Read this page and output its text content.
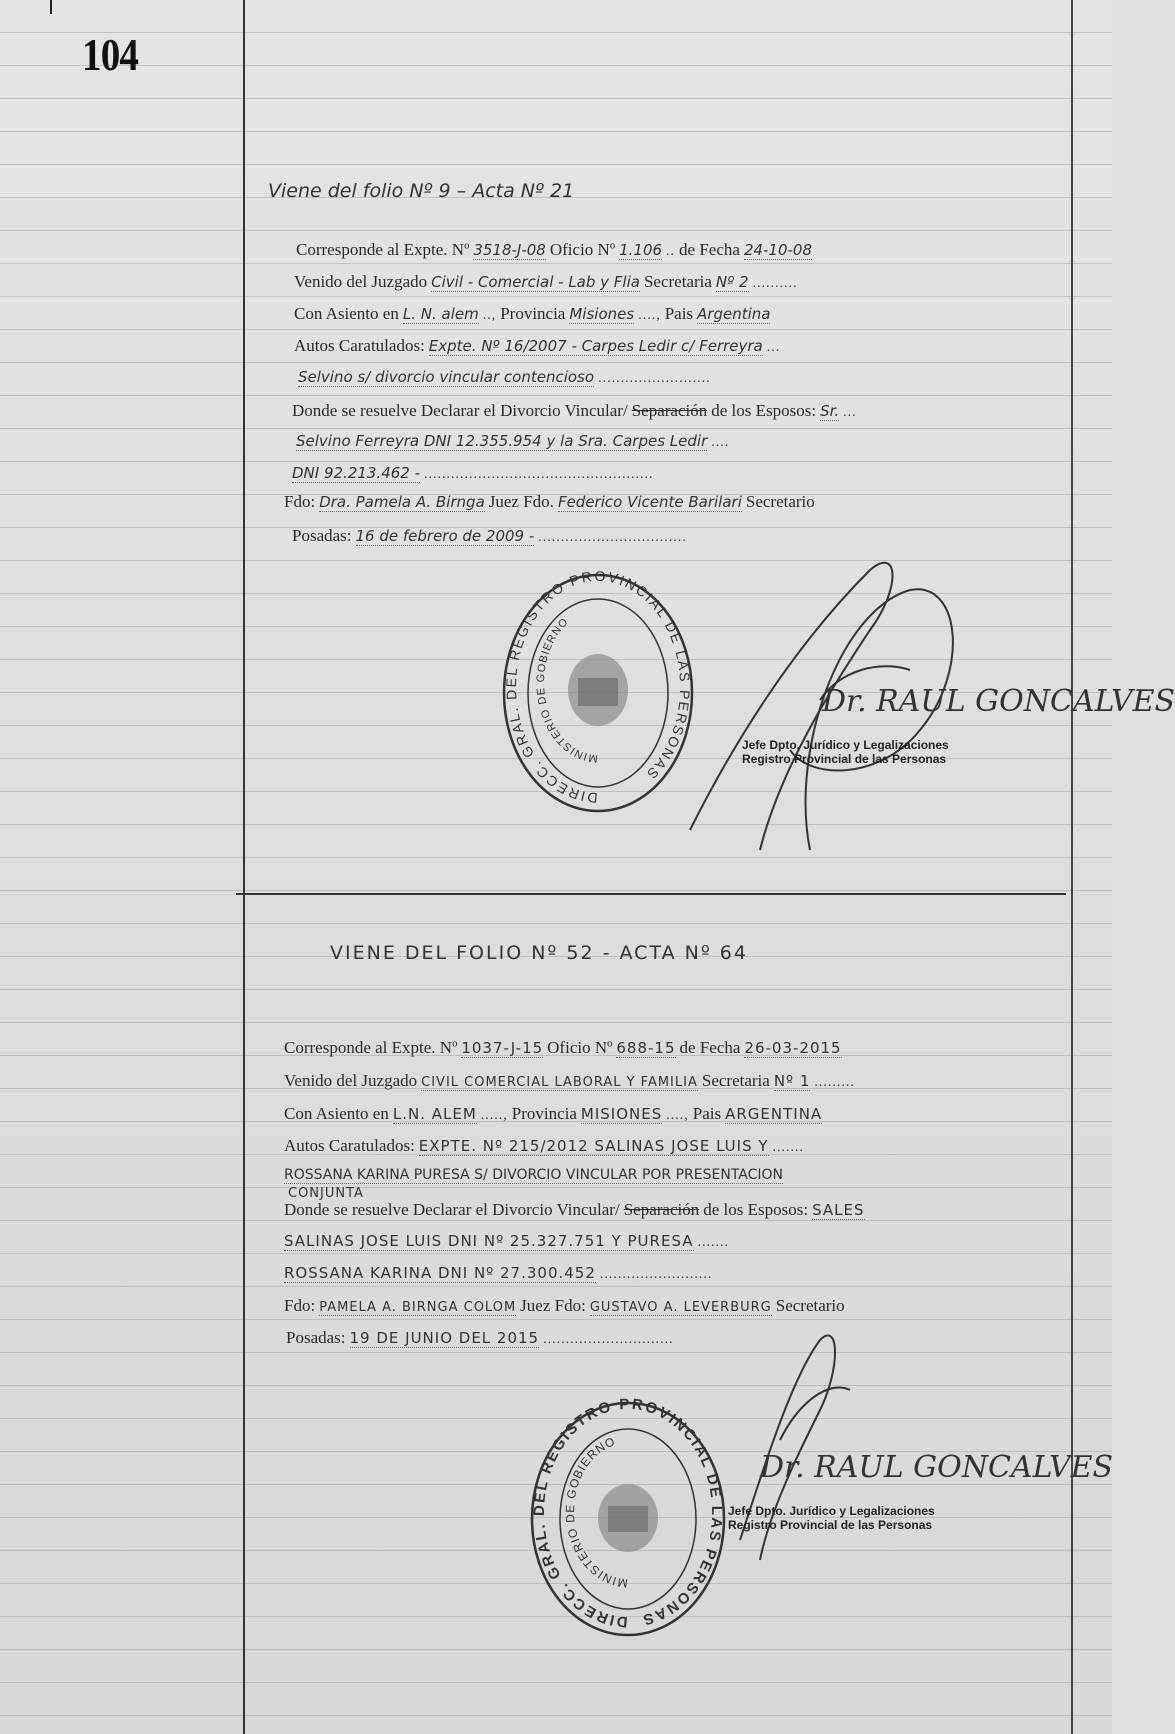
104
Viene del folio Nº 9 – Acta Nº 21
Corresponde al Expte. Nº 3518-J-08 Oficio Nº 1.106 .. de Fecha 24-10-08
Venido del Juzgado Civil - Comercial - Lab y Flia Secretaria Nº 2 ..........
Con Asiento en L. N. alem .., Provincia Misiones ...., Pais Argentina
Autos Caratulados: Expte. Nº 16/2007 - Carpes Ledir c/ Ferreyra ...
Selvino s/ divorcio vincular contencioso .........................
Donde se resuelve Declarar el Divorcio Vincular/ Separación de los Esposos: Sr. ...
Selvino Ferreyra DNI 12.355.954 y la Sra. Carpes Ledir ....
DNI 92.213.462 - ...................................................
Fdo: Dra. Pamela A. Birnga Juez Fdo. Federico Vicente Barilari Secretario
Posadas: 16 de febrero de 2009 - .................................
DIRECC. GRAL. DEL REGISTRO PROVINCIAL DE LAS PERSONAS
MINISTERIO DE GOBIERNO
Dr. RAUL GONCALVES
Jefe Dpto. Jurídico y Legalizaciones
Registro Provincial de las Personas
VIENE DEL FOLIO Nº 52 - ACTA Nº 64
Corresponde al Expte. Nº 1037-J-15 Oficio Nº 688-15 de Fecha 26-03-2015
Venido del Juzgado CIVIL COMERCIAL LABORAL Y FAMILIA Secretaria Nº 1 .........
Con Asiento en L.N. ALEM ....., Provincia MISIONES ...., Pais ARGENTINA
Autos Caratulados: EXPTE. Nº 215/2012 SALINAS JOSE LUIS Y .......
ROSSANA KARINA PURESA S/ DIVORCIO VINCULAR POR PRESENTACION
CONJUNTA
Donde se resuelve Declarar el Divorcio Vincular/ Separación de los Esposos: SALES
SALINAS JOSE LUIS DNI Nº 25.327.751 Y PURESA .......
ROSSANA KARINA DNI Nº 27.300.452 .........................
Fdo: PAMELA A. BIRNGA COLOM Juez Fdo: GUSTAVO A. LEVERBURG Secretario
Posadas: 19 DE JUNIO DEL 2015 .............................
DIRECC. GRAL. DEL REGISTRO PROVINCIAL DE LAS PERSONAS
MINISTERIO DE GOBIERNO
Dr. RAUL GONCALVES
Jefe Dpto. Jurídico y Legalizaciones
Registro Provincial de las Personas
